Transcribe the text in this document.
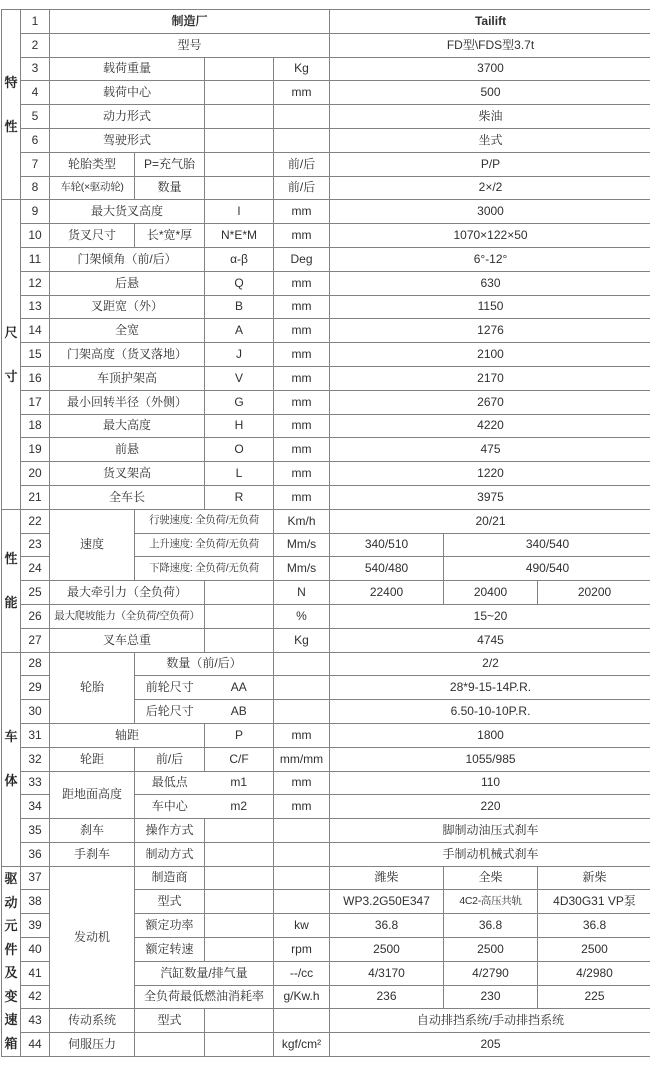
特性	1	制造厂				Tailift		
	2	型号				FD型\FDS型3.7t		
	3	载荷重量			Kg	3700		
	4	载荷中心			mm	500		
	5	动力形式				柴油		
	6	驾驶形式				坐式		
	7	轮胎类型	P=充气胎		前/后	P/P		
	8	车轮(×驱动轮)	数量		前/后	2×/2		
尺寸	9	最大货叉高度		l	mm	3000		
	10	货叉尺寸	长*宽*厚	N*E*M	mm	1070×122×50		
	11	门架倾角（前/后）		α-β	Deg	6°-12°		
	12	后悬		Q	mm	630		
	13	叉距宽（外）		B	mm	1150		
	14	全宽		A	mm	1276		
	15	门架高度（货叉落地）		J	mm	2100		
	16	车顶护架高		V	mm	2170		
	17	最小回转半径（外侧）		G	mm	2670		
	18	最大高度		H	mm	4220		
	19	前悬		O	mm	475		
	20	货叉架高		L	mm	1220		
	21	全车长		R	mm	3975		
性能	22	速度	行驶速度: 全负荷/无负荷		Km/h	20/21		
	23		上升速度: 全负荷/无负荷		Mm/s	340/510	340/540	
	24		下降速度: 全负荷/无负荷		Mm/s	540/480	490/540	
	25	最大牵引力（全负荷）			N	22400	20400	20200
	26	最大爬坡能力（全负荷/空负荷）			%	15~20		
	27	叉车总重			Kg	4745		
车体	28	轮胎	数量（前/后）			2/2		
	29		前轮尺寸	AA		28*9-15-14P.R.		
	30		后轮尺寸	AB		6.50-10-10P.R.		
	31	轴距		P	mm	1800		
	32	轮距	前/后	C/F	mm/mm	1055/985		
	33	距地面高度	最低点	m1	mm	110		
	34		车中心	m2	mm	220		
	35	刹车	操作方式			脚制动油压式刹车		
	36	手刹车	制动方式			手制动机械式刹车		
驱动元件及变速箱	37	发动机	制造商			潍柴	全柴	新柴
	38		型式			WP3.2G50E347	4C2-高压共轨	4D30G31 VP泵
	39		额定功率		kw	36.8	36.8	36.8
	40		额定转速		rpm	2500	2500	2500
	41		汽缸数量/排气量		--/cc	4/3170	4/2790	4/2980
	42		全负荷最低燃油消耗率		g/Kw.h	236	230	225
	43	传动系统	型式			自动排挡系统/手动排挡系统		
	44	伺服压力			kgf/cm²	205		
